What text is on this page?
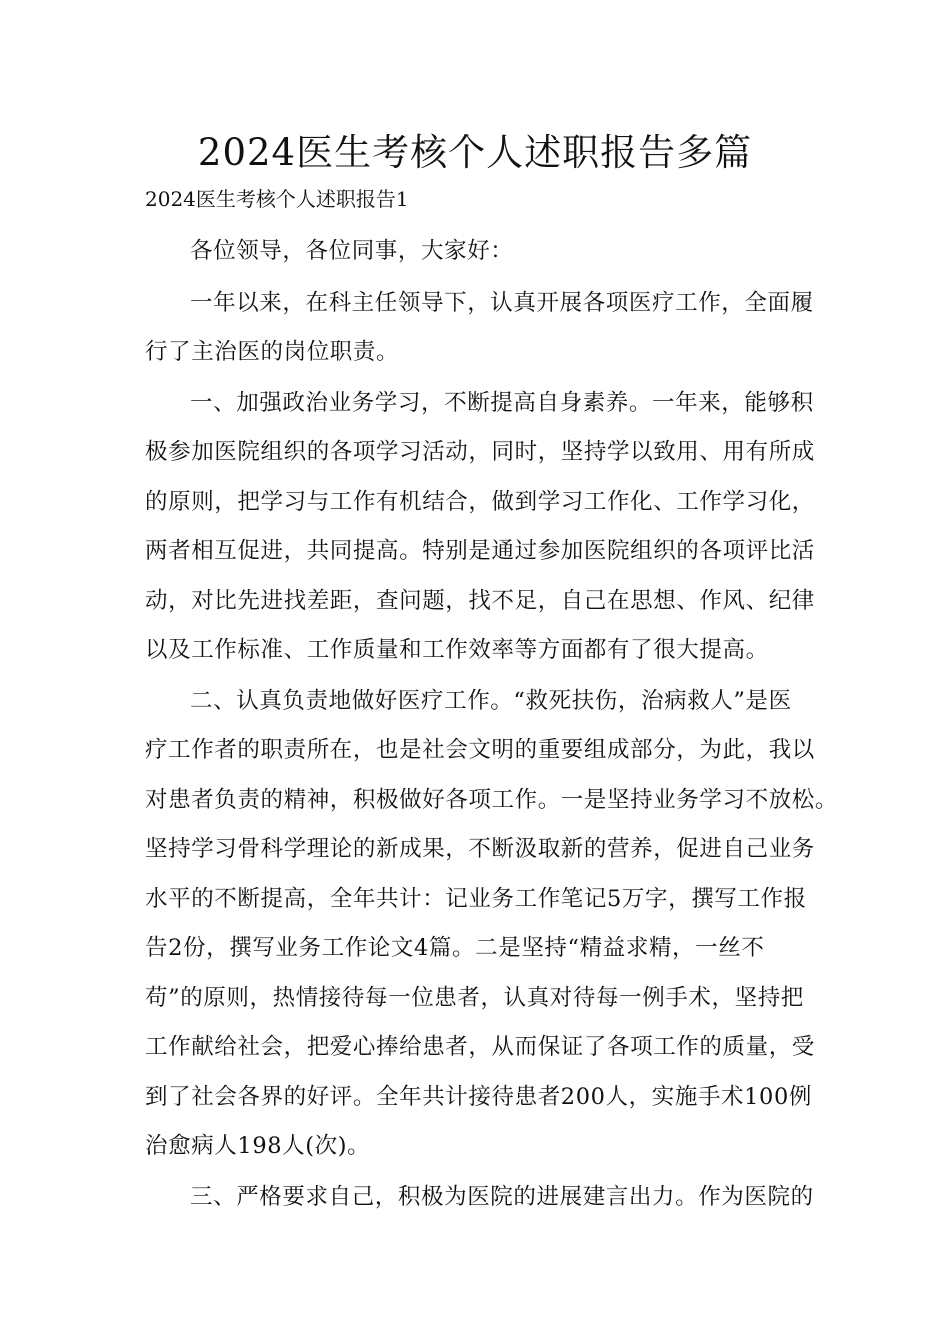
2024医生考核个人述职报告多篇

2024医生考核个人述职报告1

各位领导，各位同事，大家好：

一年以来，在科主任领导下，认真开展各项医疗工作，全面履

行了主治医的岗位职责。

一、加强政治业务学习，不断提高自身素养。一年来，能够积

极参加医院组织的各项学习活动，同时，坚持学以致用、用有所成

的原则，把学习与工作有机结合，做到学习工作化、工作学习化，

两者相互促进，共同提高。特别是通过参加医院组织的各项评比活

动，对比先进找差距，查问题，找不足，自己在思想、作风、纪律

以及工作标准、工作质量和工作效率等方面都有了很大提高。

二、认真负责地做好医疗工作。“救死扶伤，治病救人”是医

疗工作者的职责所在，也是社会文明的重要组成部分，为此，我以

对患者负责的精神，积极做好各项工作。一是坚持业务学习不放松。

坚持学习骨科学理论的新成果，不断汲取新的营养，促进自己业务

水平的不断提高，全年共计：记业务工作笔记5万字，撰写工作报

告2份，撰写业务工作论文4篇。二是坚持“精益求精，一丝不

苟”的原则，热情接待每一位患者，认真对待每一例手术，坚持把

工作献给社会，把爱心捧给患者，从而保证了各项工作的质量，受

到了社会各界的好评。全年共计接待患者200人，实施手术100例

治愈病人198人(次)。

三、严格要求自己，积极为医院的进展建言出力。作为医院的
